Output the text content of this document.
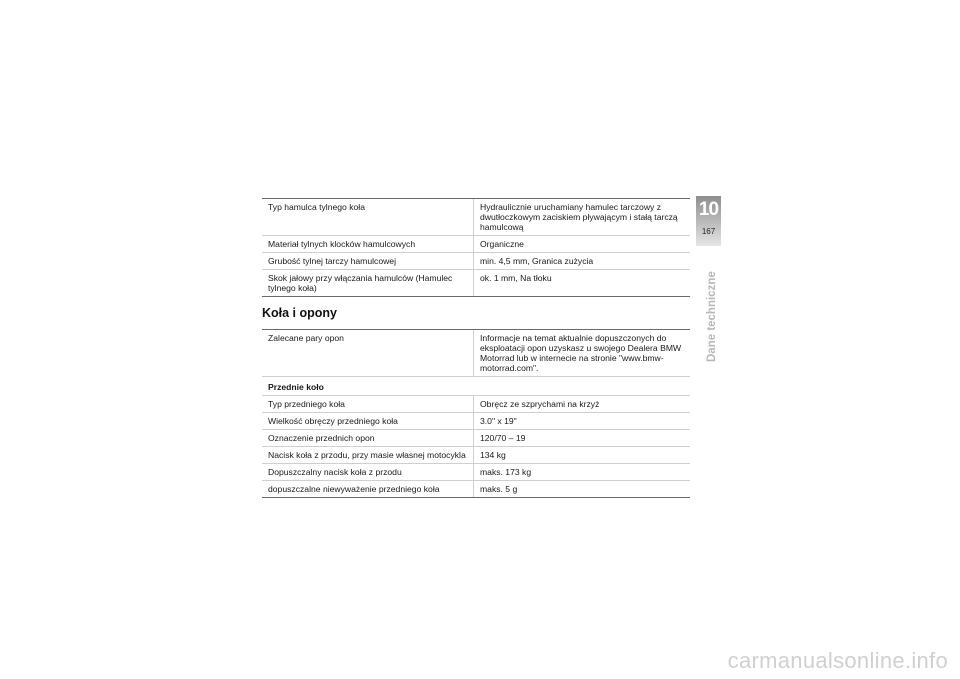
Typ hamulca tylnego koła	Hydraulicznie uruchamiany hamulec tarczowy z dwutłoczkowym zaciskiem pływającym i stałą tarczą hamulcową
Materiał tylnych klocków hamulcowych	Organiczne
Grubość tylnej tarczy hamulcowej	min. 4,5 mm, Granica zużycia
Skok jałowy przy włączania hamulców (Hamulec tylnego koła)	ok. 1 mm, Na tłoku
Koła i opony
Zalecane pary opon	Informacje na temat aktualnie dopuszczonych do eksploatacji opon uzyskasz u swojego Dealera BMW Motorrad lub w internecie na stronie "www.bmw-motorrad.com".
Przednie koło	
Typ przedniego koła	Obręcz ze szprychami na krzyż
Wielkość obręczy przedniego koła	3.0" x 19"
Oznaczenie przednich opon	120/70 – 19
Nacisk koła z przodu, przy masie własnej motocykla	134 kg
Dopuszczalny nacisk koła z przodu	maks. 173 kg
dopuszczalne niewyważenie przedniego koła	maks. 5 g
10
167
Dane techniczne
carmanualsonline.info
